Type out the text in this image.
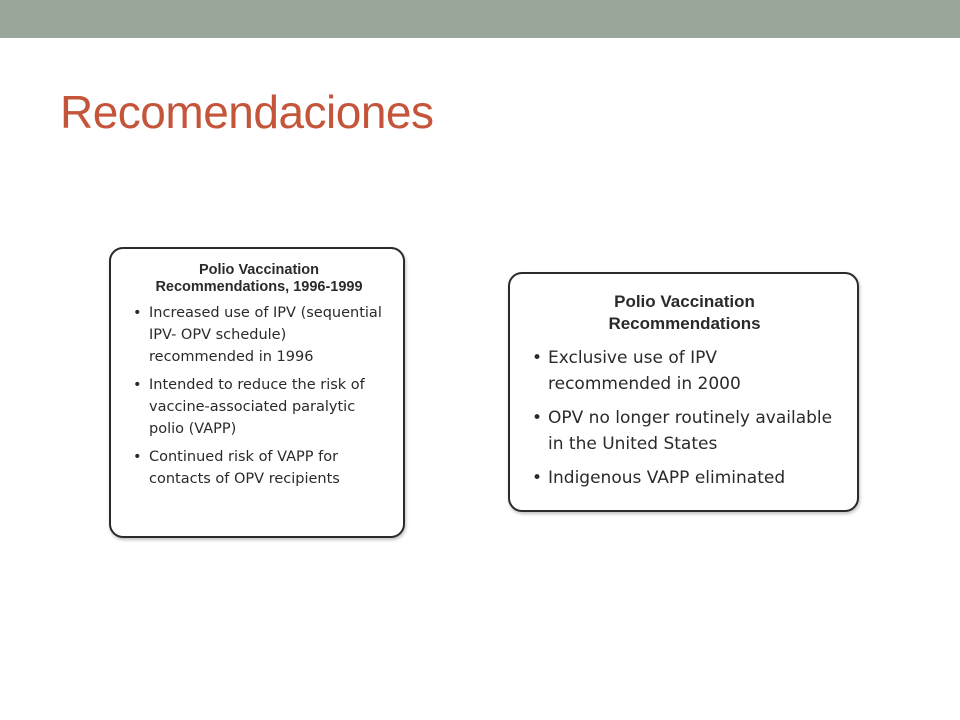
Recomendaciones
Polio Vaccination
Recommendations, 1996-1999
• Increased use of IPV (sequential IPV- OPV schedule) recommended in 1996
• Intended to reduce the risk of vaccine-associated paralytic polio (VAPP)
• Continued risk of VAPP for contacts of OPV recipients
Polio Vaccination
Recommendations
• Exclusive use of IPV recommended in 2000
• OPV no longer routinely available in the United States
• Indigenous VAPP eliminated
